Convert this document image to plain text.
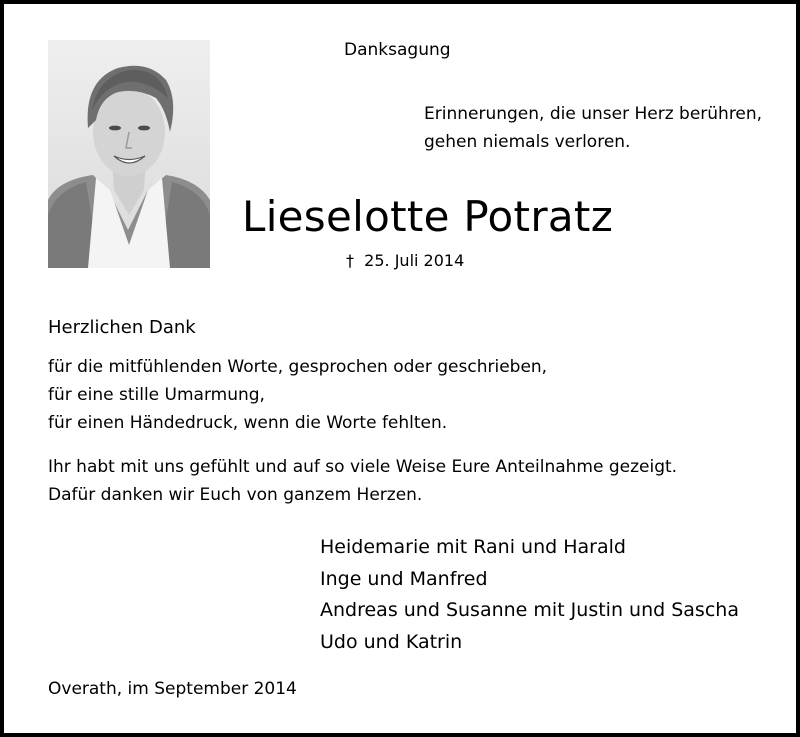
Danksagung
Erinnerungen, die unser Herz berühren,
gehen niemals verloren.
Lieselotte Potratz
† 25. Juli 2014
Herzlichen Dank
für die mitfühlenden Worte, gesprochen oder geschrieben,
für eine stille Umarmung,
für einen Händedruck, wenn die Worte fehlten.
Ihr habt mit uns gefühlt und auf so viele Weise Eure Anteilnahme gezeigt.
Dafür danken wir Euch von ganzem Herzen.
Heidemarie mit Rani und Harald
Inge und Manfred
Andreas und Susanne mit Justin und Sascha
Udo und Katrin
Overath, im September 2014
